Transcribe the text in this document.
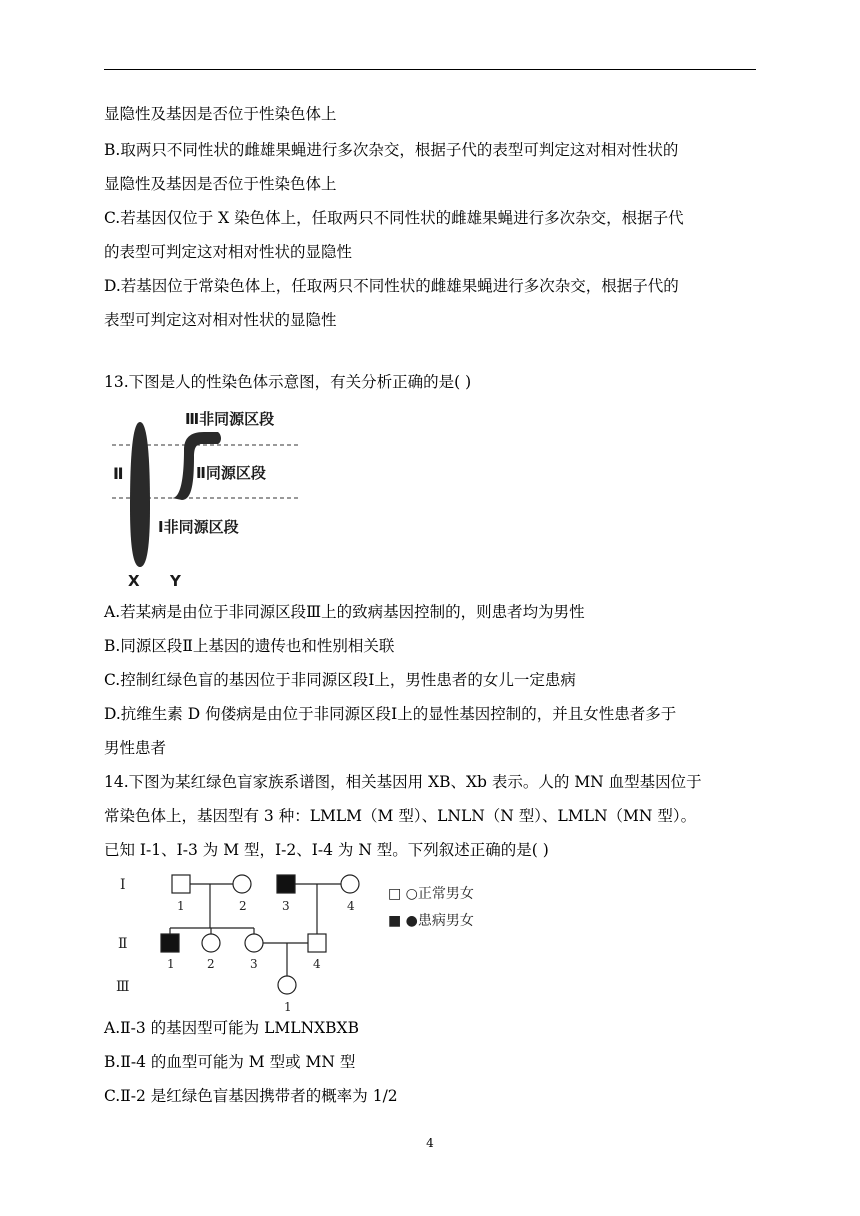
显隐性及基因是否位于性染色体上
B.取两只不同性状的雌雄果蝇进行多次杂交，根据子代的表型可判定这对相对性状的
显隐性及基因是否位于性染色体上
C.若基因仅位于 X 染色体上，任取两只不同性状的雌雄果蝇进行多次杂交，根据子代
的表型可判定这对相对性状的显隐性
D.若基因位于常染色体上，任取两只不同性状的雌雄果蝇进行多次杂交，根据子代的
表型可判定这对相对性状的显隐性
13.下图是人的性染色体示意图，有关分析正确的是( )
Ⅲ非同源区段
Ⅱ	Ⅱ同源区段
Ⅰ非同源区段
X Y
A.若某病是由位于非同源区段Ⅲ上的致病基因控制的，则患者均为男性
B.同源区段Ⅱ上基因的遗传也和性别相关联
C.控制红绿色盲的基因位于非同源区段Ⅰ上，男性患者的女儿一定患病
D.抗维生素 D 佝偻病是由位于非同源区段Ⅰ上的显性基因控制的，并且女性患者多于
男性患者
14.下图为某红绿色盲家族系谱图，相关基因用 XB、Xb 表示。人的 MN 血型基因位于
常染色体上，基因型有 3 种：LMLM（M 型）、LNLN（N 型）、LMLN（MN 型）。
已知 I-1、I-3 为 M 型，I-2、I-4 为 N 型。下列叙述正确的是( )
Ⅰ
Ⅱ
Ⅲ
1	2	3	4
1	2	3	4
1
□ ○正常男女
■ ●患病男女
A.Ⅱ-3 的基因型可能为 LMLNXBXB
B.Ⅱ-4 的血型可能为 M 型或 MN 型
C.Ⅱ-2 是红绿色盲基因携带者的概率为 1/2
4
